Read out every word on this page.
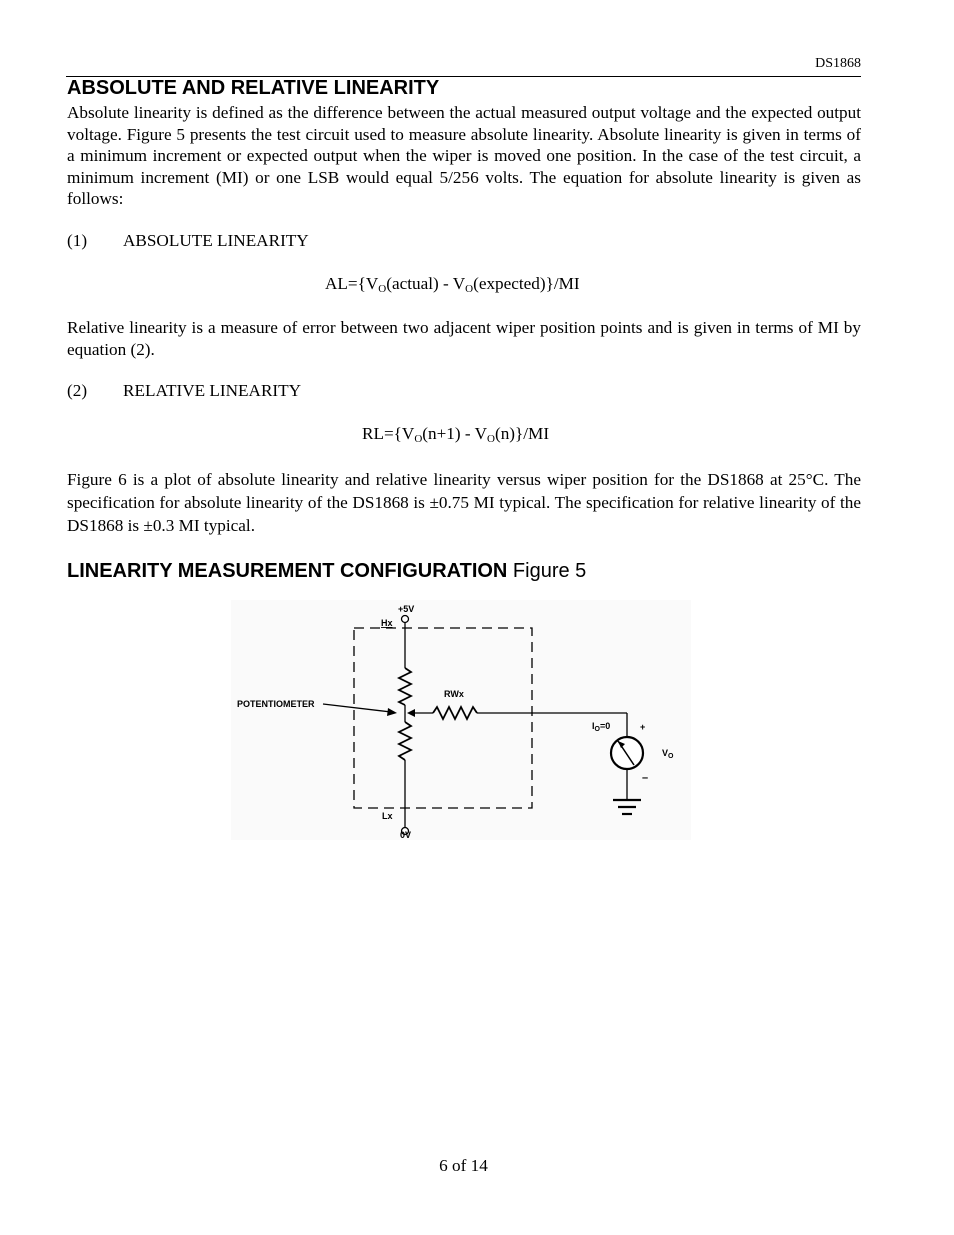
DS1868
ABSOLUTE AND RELATIVE LINEARITY

Absolute linearity is defined as the difference between the actual measured output voltage and the expected output voltage. Figure 5 presents the test circuit used to measure absolute linearity. Absolute linearity is given in terms of a minimum increment or expected output when the wiper is moved one position. In the case of the test circuit, a minimum increment (MI) or one LSB would equal 5/256 volts. The equation for absolute linearity is given as follows:

(1) ABSOLUTE LINEARITY
$AL=\{V_O(actual)$ - $V_O(expected)\}/MI$

Relative linearity is a measure of error between two adjacent wiper position points and is given in terms of MI by equation (2).

(2) RELATIVE LINEARITY
$RL=\{V_O(n+1) - V_O(n)\}/MI$

Figure 6 is a plot of absolute linearity and relative linearity versus wiper position for the DS1868 at 25°C. The specification for absolute linearity of the DS1868 is ±0.75 MI typical. The specification for relative linearity of the DS1868 is ±0.3 MI typical.

LINEARITY MEASUREMENT CONFIGURATION Figure 5
+5V
Hx
RWx
POTENTIOMETER
$I_O=0$	+
$V_O$
–
Lx
0V
6 of 14
